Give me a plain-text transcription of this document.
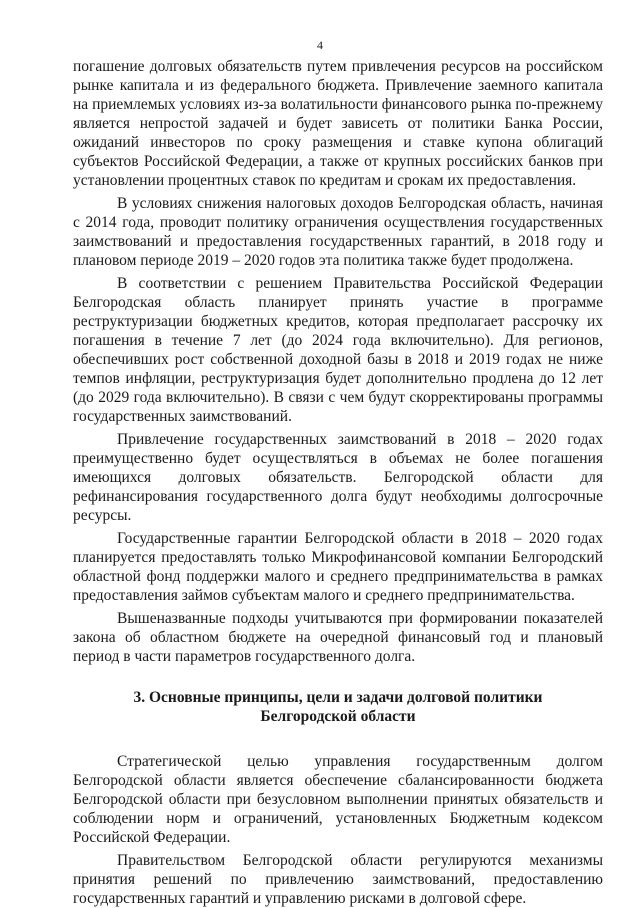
4

погашение долговых обязательств путем привлечения ресурсов на российском рынке капитала и из федерального бюджета. Привлечение заемного капитала на приемлемых условиях из-за волатильности финансового рынка по-прежнему является непростой задачей и будет зависеть от политики Банка России, ожиданий инвесторов по сроку размещения и ставке купона облигаций субъектов Российской Федерации, а также от крупных российских банков при установлении процентных ставок по кредитам и срокам их предоставления.

В условиях снижения налоговых доходов Белгородская область, начиная с 2014 года, проводит политику ограничения осуществления государственных заимствований и предоставления государственных гарантий, в 2018 году и плановом периоде 2019 – 2020 годов эта политика также будет продолжена.

В соответствии с решением Правительства Российской Федерации Белгородская область планирует принять участие в программе реструктуризации бюджетных кредитов, которая предполагает рассрочку их погашения в течение 7 лет (до 2024 года включительно). Для регионов, обеспечивших рост собственной доходной базы в 2018 и 2019 годах не ниже темпов инфляции, реструктуризация будет дополнительно продлена до 12 лет (до 2029 года включительно). В связи с чем будут скорректированы программы государственных заимствований.

Привлечение государственных заимствований в 2018 – 2020 годах преимущественно будет осуществляться в объемах не более погашения имеющихся долговых обязательств. Белгородской области для рефинансирования государственного долга будут необходимы долгосрочные ресурсы.

Государственные гарантии Белгородской области в 2018 – 2020 годах планируется предоставлять только Микрофинансовой компании Белгородский областной фонд поддержки малого и среднего предпринимательства в рамках предоставления займов субъектам малого и среднего предпринимательства.

Вышеназванные подходы учитываются при формировании показателей закона об областном бюджете на очередной финансовый год и плановый период в части параметров государственного долга.

3. Основные принципы, цели и задачи долговой политики
Белгородской области

Стратегической целью управления государственным долгом Белгородской области является обеспечение сбалансированности бюджета Белгородской области при безусловном выполнении принятых обязательств и соблюдении норм и ограничений, установленных Бюджетным кодексом Российской Федерации.

Правительством Белгородской области регулируются механизмы принятия решений по привлечению заимствований, предоставлению государственных гарантий и управлению рисками в долговой сфере.
